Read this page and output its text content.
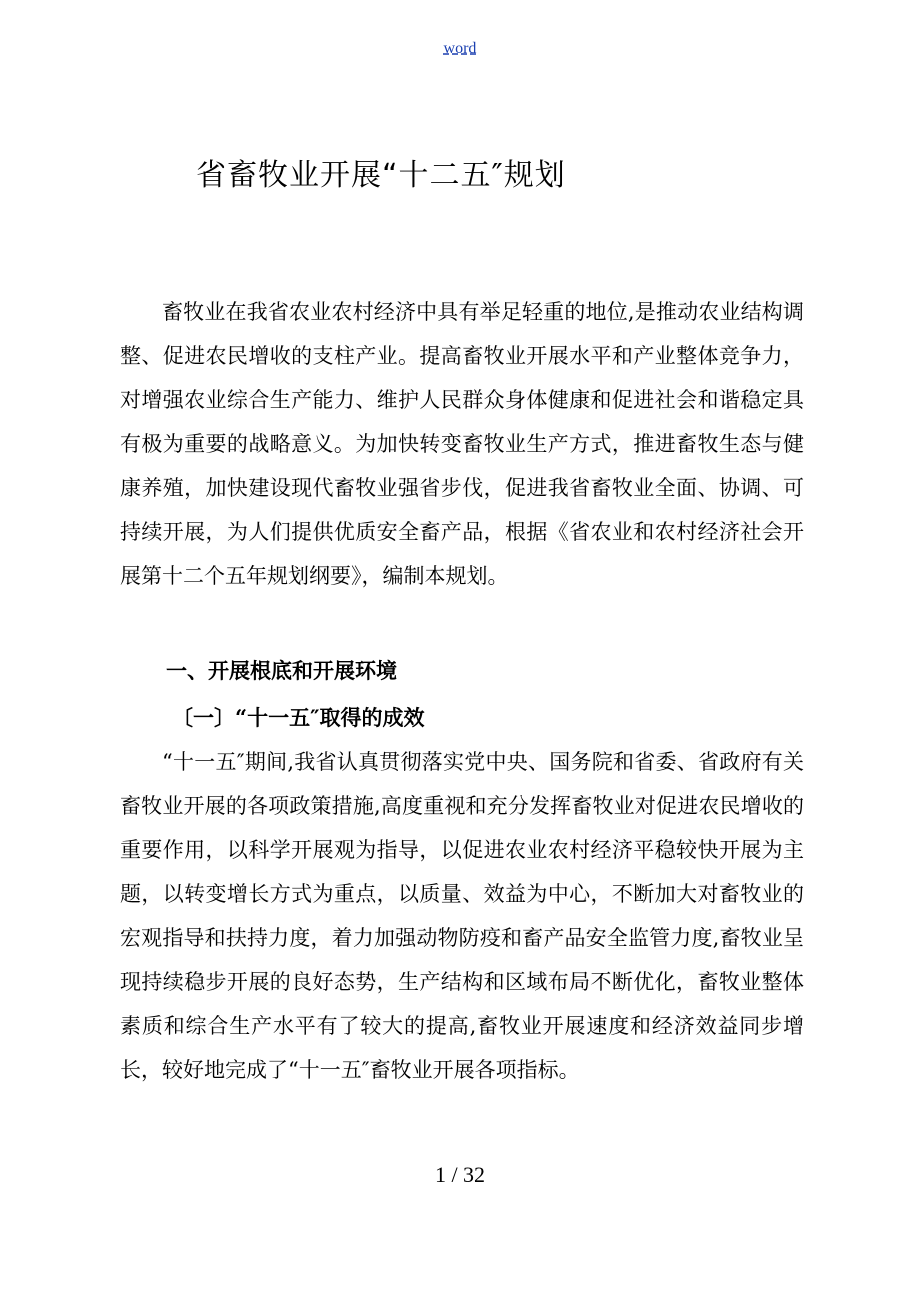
word
省畜牧业开展“十二五″规划

畜牧业在我省农业农村经济中具有举足轻重的地位,是推动农业结构调整、促进农民增收的支柱产业。提高畜牧业开展水平和产业整体竞争力，对增强农业综合生产能力、维护人民群众身体健康和促进社会和谐稳定具有极为重要的战略意义。为加快转变畜牧业生产方式，推进畜牧生态与健康养殖，加快建设现代畜牧业强省步伐，促进我省畜牧业全面、协调、可持续开展，为人们提供优质安全畜产品，根据《省农业和农村经济社会开展第十二个五年规划纲要》，编制本规划。

一、开展根底和开展环境
〔一〕“十一五″取得的成效

“十一五″期间,我省认真贯彻落实党中央、国务院和省委、省政府有关畜牧业开展的各项政策措施,高度重视和充分发挥畜牧业对促进农民增收的重要作用，以科学开展观为指导，以促进农业农村经济平稳较快开展为主题，以转变增长方式为重点，以质量、效益为中心，不断加大对畜牧业的宏观指导和扶持力度，着力加强动物防疫和畜产品安全监管力度,畜牧业呈现持续稳步开展的良好态势，生产结构和区域布局不断优化，畜牧业整体素质和综合生产水平有了较大的提高,畜牧业开展速度和经济效益同步增长，较好地完成了“十一五″畜牧业开展各项指标。

1 / 32
